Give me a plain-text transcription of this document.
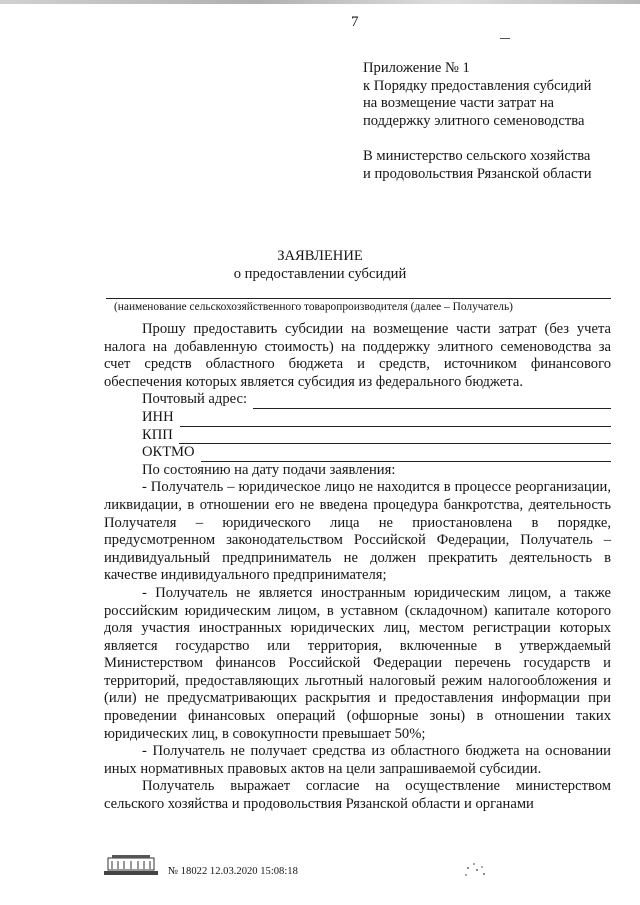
7
Приложение № 1
к Порядку предоставления субсидий
на возмещение части затрат на
поддержку элитного семеноводства
В министерство сельского хозяйства
и продовольствия Рязанской области
ЗАЯВЛЕНИЕ
о предоставлении субсидий
(наименование сельскохозяйственного товаропроизводителя (далее – Получатель)

Прошу предоставить субсидии на возмещение части затрат (без учета налога на добавленную стоимость) на поддержку элитного семеноводства за счет средств областного бюджета и средств, источником финансового обеспечения которых является субсидия из федерального бюджета.

Почтовый адрес:
ИНН
КПП
ОКТМО

По состоянию на дату подачи заявления:

- Получатель – юридическое лицо не находится в процессе реорганизации, ликвидации, в отношении его не введена процедура банкротства, деятельность Получателя – юридического лица не приостановлена в порядке, предусмотренном законодательством Российской Федерации, Получатель – индивидуальный предприниматель не должен прекратить деятельность в качестве индивидуального предпринимателя;

- Получатель не является иностранным юридическим лицом, а также российским юридическим лицом, в уставном (складочном) капитале которого доля участия иностранных юридических лиц, местом регистрации которых является государство или территория, включенные в утверждаемый Министерством финансов Российской Федерации перечень государств и территорий, предоставляющих льготный налоговый режим налогообложения и (или) не предусматривающих раскрытия и предоставления информации при проведении финансовых операций (офшорные зоны) в отношении таких юридических лиц, в совокупности превышает 50%;

- Получатель не получает средства из областного бюджета на основании иных нормативных правовых актов на цели запрашиваемой субсидии.

Получатель выражает согласие на осуществление министерством сельского хозяйства и продовольствия Рязанской области и органами

№ 18022 12.03.2020 15:08:18
